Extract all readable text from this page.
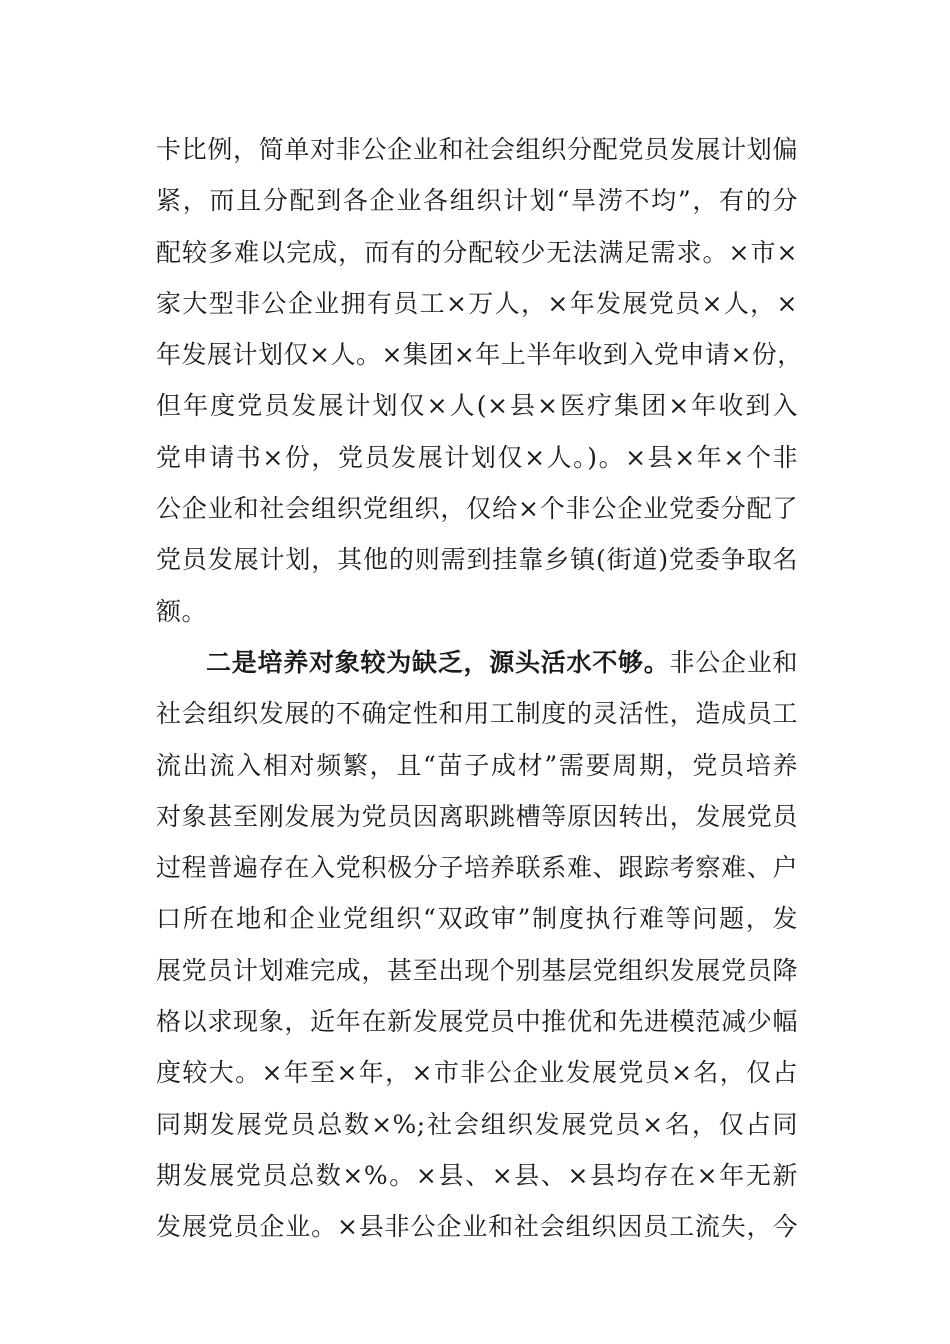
卡比例，简单对非公企业和社会组织分配党员发展计划偏
紧，而且分配到各企业各组织计划“旱涝不均”，有的分
配较多难以完成，而有的分配较少无法满足需求。×市×
家大型非公企业拥有员工×万人，×年发展党员×人，×
年发展计划仅×人。×集团×年上半年收到入党申请×份，
但年度党员发展计划仅×人(×县×医疗集团×年收到入
党申请书×份，党员发展计划仅×人。)。×县×年×个非
公企业和社会组织党组织，仅给×个非公企业党委分配了
党员发展计划，其他的则需到挂靠乡镇(街道)党委争取名
额。
二是培养对象较为缺乏，源头活水不够。非公企业和
社会组织发展的不确定性和用工制度的灵活性，造成员工
流出流入相对频繁，且“苗子成材”需要周期，党员培养
对象甚至刚发展为党员因离职跳槽等原因转出，发展党员
过程普遍存在入党积极分子培养联系难、跟踪考察难、户
口所在地和企业党组织“双政审”制度执行难等问题，发
展党员计划难完成，甚至出现个别基层党组织发展党员降
格以求现象，近年在新发展党员中推优和先进模范减少幅
度较大。×年至×年，×市非公企业发展党员×名，仅占
同期发展党员总数×%;社会组织发展党员×名，仅占同
期发展党员总数×%。×县、×县、×县均存在×年无新
发展党员企业。×县非公企业和社会组织因员工流失，今
